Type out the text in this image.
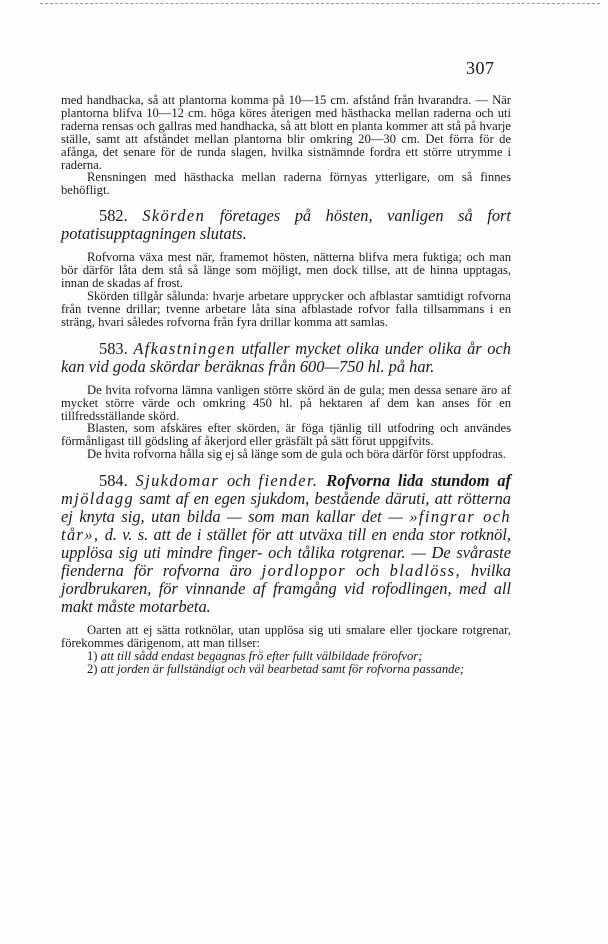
307

med handhacka, så att plantorna komma på 10—15 cm. afstånd från hvarandra. — När plantorna blifva 10—12 cm. höga köres återigen med hästhacka mellan raderna och uti raderna rensas och gallras med handhacka, så att blott en planta kommer att stå på hvarje ställe, samt att afståndet mellan plantorna blir omkring 20—30 cm. Det förra för de afånga, det senare för de runda slagen, hvilka sistnämnde fordra ett större utrymme i raderna.

Rensningen med hästhacka mellan raderna förnyas ytterligare, om så finnes behöfligt.

582. Skörden företages på hösten, vanligen så fort potatisupptagningen slutats.

Rofvorna växa mest när, framemot hösten, nätterna blifva mera fuktiga; och man bör därför låta dem stå så länge som möjligt, men dock tillse, att de hinna upptagas, innan de skadas af frost.

Skörden tillgår sålunda: hvarje arbetare upprycker och afblastar samtidigt rofvorna från tvenne drillar; tvenne arbetare låta sina afblastade rofvor falla tillsammans i en sträng, hvari således rofvorna från fyra drillar komma att samlas.

583. Afkastningen utfaller mycket olika under olika år och kan vid goda skördar beräknas från 600—750 hl. på har.

De hvita rofvorna lämna vanligen större skörd än de gula; men dessa senare äro af mycket större värde och omkring 450 hl. på hektaren af dem kan anses för en tillfredsställande skörd.

Blasten, som afskäres efter skörden, är föga tjänlig till utfodring och användes förmånligast till gödsling af åkerjord eller gräsfält på sätt förut uppgifvits.

De hvita rofvorna hålla sig ej så länge som de gula och böra därför först uppfodras.

584. Sjukdomar och fiender. Rofvorna lida stundom af mjöldagg samt af en egen sjukdom, bestående däruti, att rötterna ej knyta sig, utan bilda — som man kallar det — »fingrar och tår», d. v. s. att de i stället för att utväxa till en enda stor rotknöl, upplösa sig uti mindre finger- och tålika rotgrenar. — De svåraste fienderna för rofvorna äro jordloppor och bladlöss, hvilka jordbrukaren, för vinnande af framgång vid rofodlingen, med all makt måste motarbeta.

Oarten att ej sätta rotknölar, utan upplösa sig uti smalare eller tjockare rotgrenar, förekommes därigenom, att man tillser:

1) att till sådd endast begagnas frö efter fullt välbildade frörofvor;

2) att jorden är fullständigt och väl bearbetad samt för rofvorna passande;
